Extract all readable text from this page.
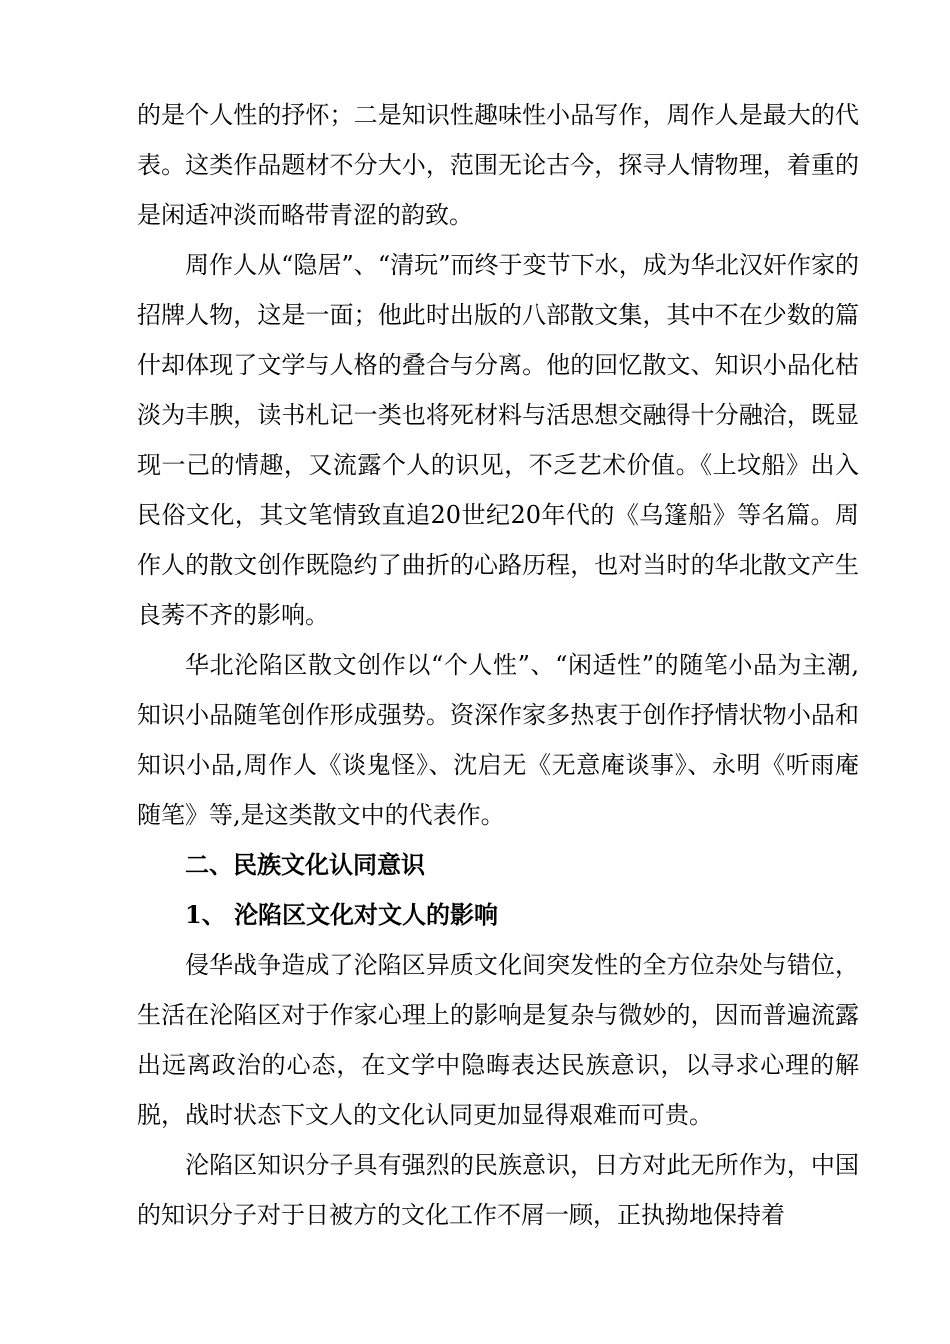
的是个人性的抒怀；二是知识性趣味性小品写作，周作人是最大的代表。这类作品题材不分大小，范围无论古今，探寻人情物理，着重的是闲适冲淡而略带青涩的韵致。

周作人从“隐居”、“清玩”而终于变节下水，成为华北汉奸作家的招牌人物，这是一面；他此时出版的八部散文集，其中不在少数的篇什却体现了文学与人格的叠合与分离。他的回忆散文、知识小品化枯淡为丰腴，读书札记一类也将死材料与活思想交融得十分融洽，既显现一己的情趣，又流露个人的识见，不乏艺术价值。《上坟船》出入民俗文化，其文笔情致直追20世纪20年代的《乌篷船》等名篇。周作人的散文创作既隐约了曲折的心路历程，也对当时的华北散文产生良莠不齐的影响。

华北沦陷区散文创作以“个人性”、“闲适性”的随笔小品为主潮,知识小品随笔创作形成强势。资深作家多热衷于创作抒情状物小品和知识小品,周作人《谈鬼怪》、沈启无《无意庵谈事》、永明《听雨庵随笔》等,是这类散文中的代表作。

二、民族文化认同意识

1、 沦陷区文化对文人的影响

侵华战争造成了沦陷区异质文化间突发性的全方位杂处与错位，生活在沦陷区对于作家心理上的影响是复杂与微妙的，因而普遍流露出远离政治的心态，在文学中隐晦表达民族意识，以寻求心理的解脱，战时状态下文人的文化认同更加显得艰难而可贵。

沦陷区知识分子具有强烈的民族意识，日方对此无所作为，中国的知识分子对于日被方的文化工作不屑一顾，正执拗地保持着
